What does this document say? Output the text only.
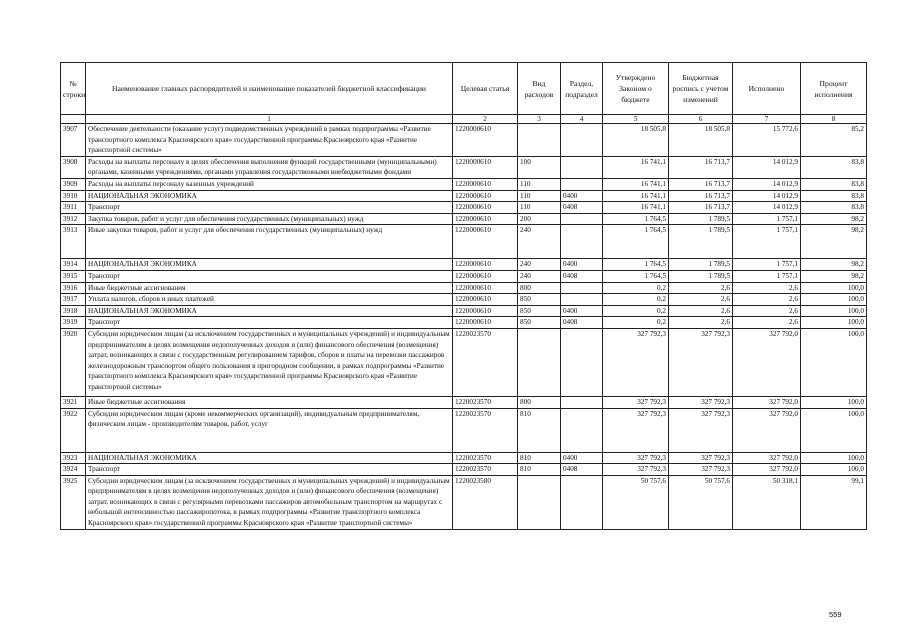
№ строки	Наименование главных распорядителей и наименование показателей бюджетной классификации	Целевая статья	Вид расходов	Раздел, подраздел	Утверждено Законом о бюджете	Бюджетная роспись с учетом изменений	Исполнено	Процент исполнения
	1	2	3	4	5	6	7	8
3907	Обеспечение деятельности (оказание услуг) подведомственных учреждений в рамках подпрограммы «Развитие транспортного комплекса Красноярского края» государственной программы Красноярского края «Развитие транспортной системы»	1220000610			18 505,8	18 505,8	15 772,6	85,2
3908	Расходы на выплаты персоналу в целях обеспечения выполнения функций государственными (муниципальными) органами, казенными учреждениями, органами управления государственными внебюджетными фондами	1220000610	100		16 741,1	16 713,7	14 012,9	83,8
3909	Расходы на выплаты персоналу казенных учреждений	1220000610	110		16 741,1	16 713,7	14 012,9	83,8
3910	НАЦИОНАЛЬНАЯ ЭКОНОМИКА	1220000610	110	0400	16 741,1	16 713,7	14 012,9	83,8
3911	Транспорт	1220000610	110	0408	16 741,1	16 713,7	14 012,9	83,8
3912	Закупка товаров, работ и услуг для обеспечения государственных (муниципальных) нужд	1220000610	200		1 764,5	1 789,5	1 757,1	98,2
3913	Иные закупки товаров, работ и услуг для обеспечения государственных (муниципальных) нужд	1220000610	240		1 764,5	1 789,5	1 757,1	98,2
3914	НАЦИОНАЛЬНАЯ ЭКОНОМИКА	1220000610	240	0400	1 764,5	1 789,5	1 757,1	98,2
3915	Транспорт	1220000610	240	0408	1 764,5	1 789,5	1 757,1	98,2
3916	Иные бюджетные ассигнования	1220000610	800		0,2	2,6	2,6	100,0
3917	Уплата налогов, сборов и иных платежей	1220000610	850		0,2	2,6	2,6	100,0
3918	НАЦИОНАЛЬНАЯ ЭКОНОМИКА	1220000610	850	0400	0,2	2,6	2,6	100,0
3919	Транспорт	1220000610	850	0408	0,2	2,6	2,6	100,0
3920	Субсидии юридическим лицам (за исключением государственных и муниципальных учреждений) и индивидуальным предпринимателям в целях возмещения недополученных доходов и (или) финансового обеспечения (возмещения) затрат, возникающих в связи с государственным регулированием тарифов, сборов и платы на перевозки пассажиров железнодорожным транспортом общего пользования в пригородном сообщении, в рамках подпрограммы «Развитие транспортного комплекса Красноярского края» государственной программы Красноярского края «Развитие транспортной системы»	1220023570			327 792,3	327 792,3	327 792,0	100,0
3921	Иные бюджетные ассигнования	1220023570	800		327 792,3	327 792,3	327 792,0	100,0
3922	Субсидии юридическим лицам (кроме некоммерческих организаций), индивидуальным предпринимателям, физическим лицам - производителям товаров, работ, услуг	1220023570	810		327 792,3	327 792,3	327 792,0	100,0
3923	НАЦИОНАЛЬНАЯ ЭКОНОМИКА	1220023570	810	0400	327 792,3	327 792,3	327 792,0	100,0
3924	Транспорт	1220023570	810	0408	327 792,3	327 792,3	327 792,0	100,0
3925	Субсидии юридическим лицам (за исключением государственных и муниципальных учреждений) и индивидуальным предпринимателям в целях возмещения недополученных доходов и (или) финансового обеспечения (возмещения) затрат, возникающих в связи с регулярными перевозками пассажиров автомобильным транспортом на маршрутах с небольшой интенсивностью пассажиропотока, в рамках подпрограммы «Развитие транспортного комплекса Красноярского края» государственной программы Красноярского края «Развитие транспортной системы»	1220023580			50 757,6	50 757,6	50 318,1	99,1
559
